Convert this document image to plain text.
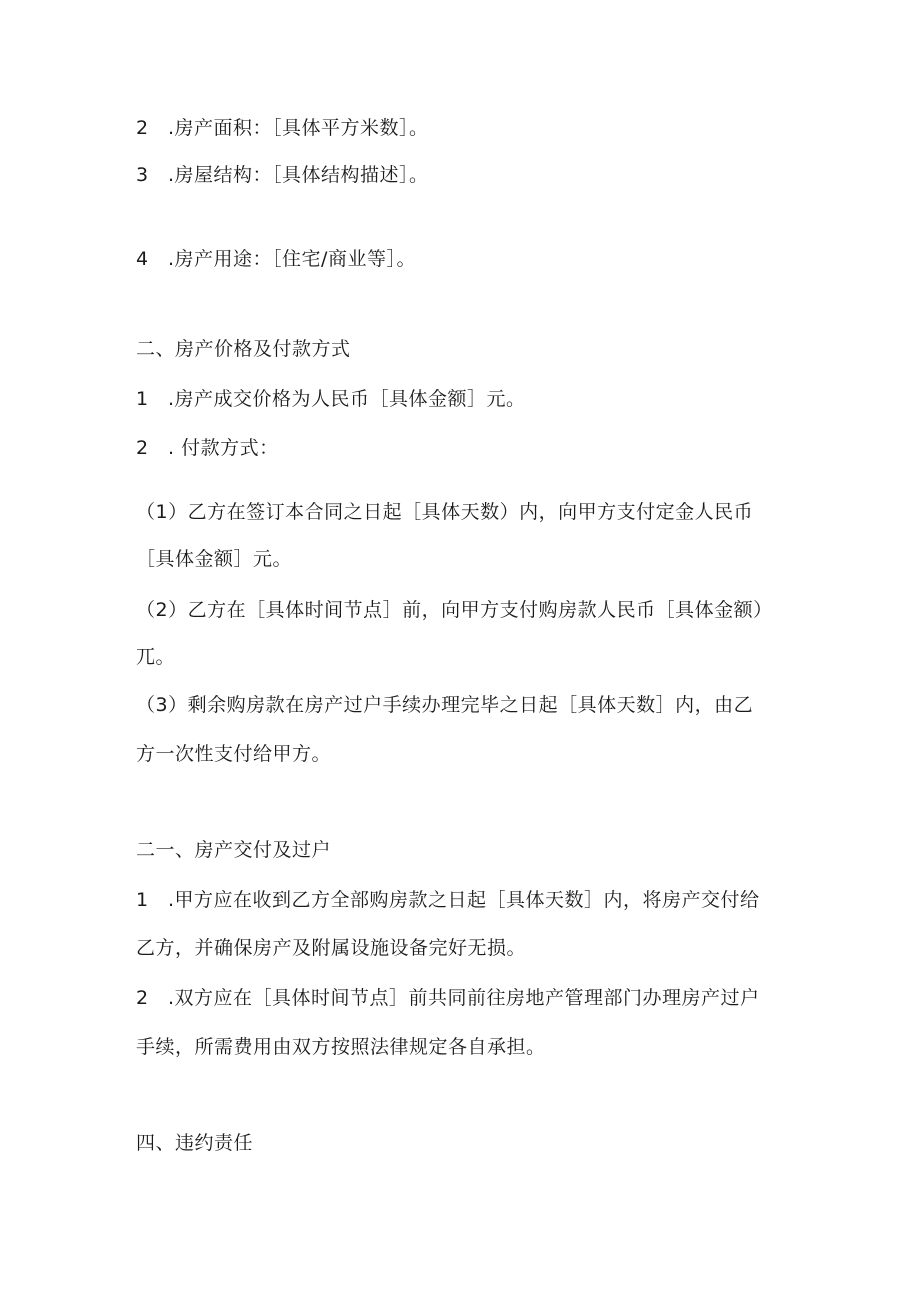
2 .房产面积：［具体平方米数］。
3 .房屋结构：［具体结构描述］。
4 .房产用途：［住宅/商业等］。
二、房产价格及付款方式
1 .房产成交价格为人民币［具体金额］元。
2 . 付款方式：
（1）乙方在签订本合同之日起［具体天数）内，向甲方支付定金人民币
［具体金额］元。
（2）乙方在［具体时间节点］前，向甲方支付购房款人民币［具体金额）
兀。
（3）剩余购房款在房产过户手续办理完毕之日起［具体天数］内，由乙
方一次性支付给甲方。
二一、房产交付及过户
1 .甲方应在收到乙方全部购房款之日起［具体天数］内，将房产交付给
乙方，并确保房产及附属设施设备完好无损。
2 .双方应在［具体时间节点］前共同前往房地产管理部门办理房产过户
手续，所需费用由双方按照法律规定各自承担。
四、违约责任
